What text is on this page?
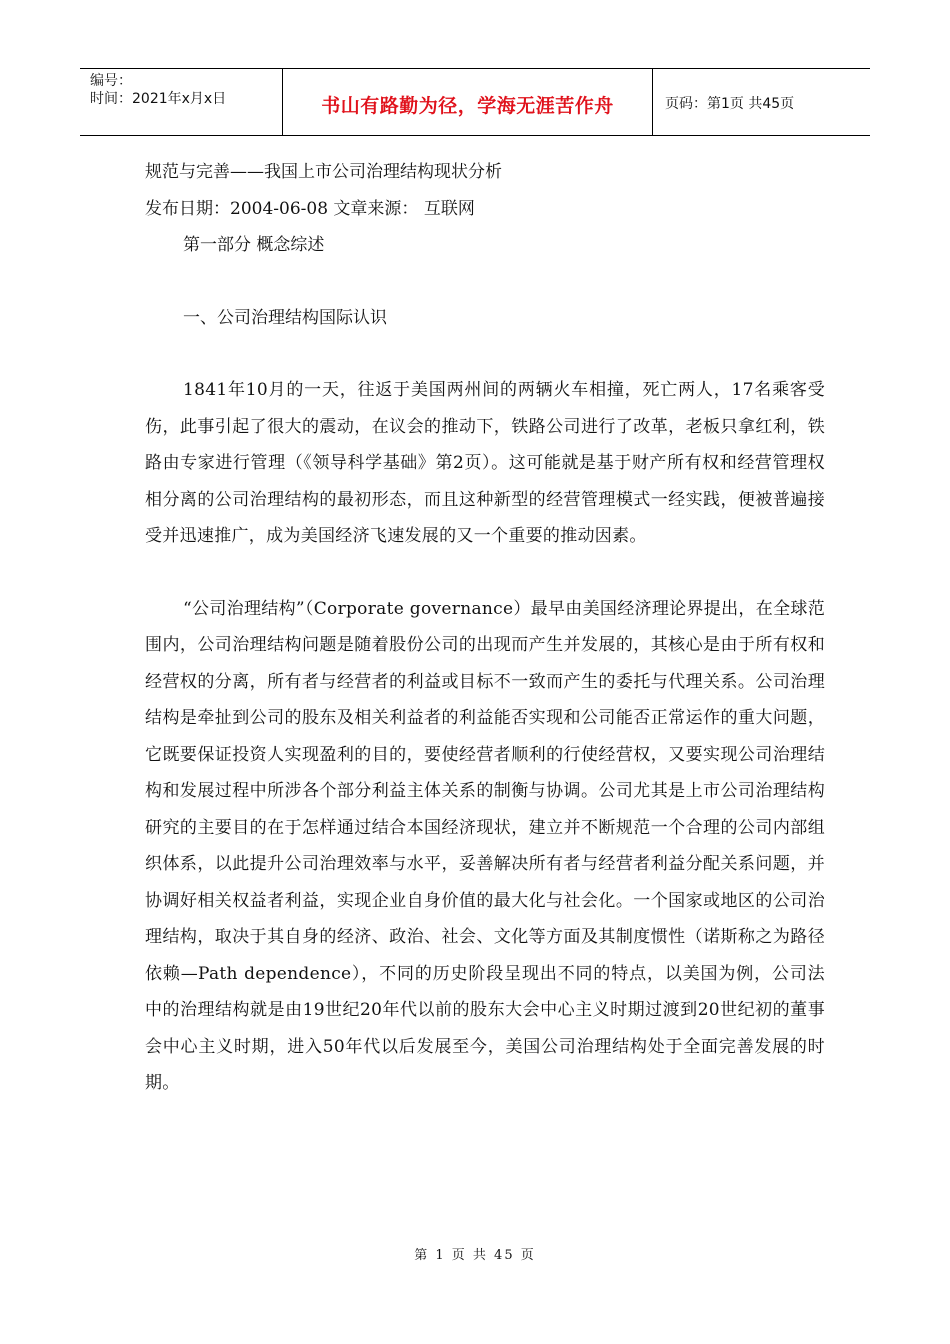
编号：
时间：2021年x月x日	书山有路勤为径，学海无涯苦作舟	页码：第1页 共45页

规范与完善——我国上市公司治理结构现状分析

发布日期：2004-06-08 文章来源： 互联网

第一部分 概念综述

一、公司治理结构国际认识

1841年10月的一天，往返于美国两州间的两辆火车相撞，死亡两人，17名乘客受伤，此事引起了很大的震动，在议会的推动下，铁路公司进行了改革，老板只拿红利，铁路由专家进行管理（《领导科学基础》第2页）。这可能就是基于财产所有权和经营管理权相分离的公司治理结构的最初形态，而且这种新型的经营管理模式一经实践，便被普遍接受并迅速推广，成为美国经济飞速发展的又一个重要的推动因素。

“公司治理结构”（Corporate governance）最早由美国经济理论界提出，在全球范围内，公司治理结构问题是随着股份公司的出现而产生并发展的，其核心是由于所有权和经营权的分离，所有者与经营者的利益或目标不一致而产生的委托与代理关系。公司治理结构是牵扯到公司的股东及相关利益者的利益能否实现和公司能否正常运作的重大问题，它既要保证投资人实现盈利的目的，要使经营者顺利的行使经营权，又要实现公司治理结构和发展过程中所涉各个部分利益主体关系的制衡与协调。公司尤其是上市公司治理结构研究的主要目的在于怎样通过结合本国经济现状，建立并不断规范一个合理的公司内部组织体系，以此提升公司治理效率与水平，妥善解决所有者与经营者利益分配关系问题，并协调好相关权益者利益，实现企业自身价值的最大化与社会化。一个国家或地区的公司治理结构，取决于其自身的经济、政治、社会、文化等方面及其制度惯性（诺斯称之为路径依赖—Path dependence），不同的历史阶段呈现出不同的特点，以美国为例，公司法中的治理结构就是由19世纪20年代以前的股东大会中心主义时期过渡到20世纪初的董事会中心主义时期，进入50年代以后发展至今，美国公司治理结构处于全面完善发展的时期。

第 1 页 共 45 页
